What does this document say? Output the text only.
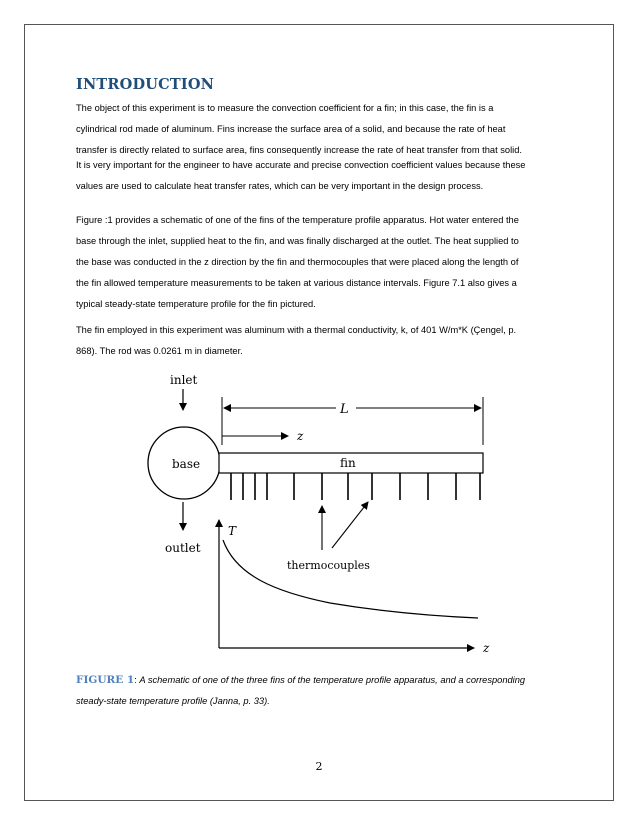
INTRODUCTION
The object of this experiment is to measure the convection coefficient for a fin; in this case, the fin is a
cylindrical rod made of aluminum. Fins increase the surface area of a solid, and because the rate of heat
transfer is directly related to surface area, fins consequently increase the rate of heat transfer from that solid.
It is very important for the engineer to have accurate and precise convection coefficient values because these
values are used to calculate heat transfer rates, which can be very important in the design process.
Figure :1 provides a schematic of one of the fins of the temperature profile apparatus. Hot water entered the
base through the inlet, supplied heat to the fin, and was finally discharged at the outlet. The heat supplied to
the base was conducted in the z direction by the fin and thermocouples that were placed along the length of
the fin allowed temperature measurements to be taken at various distance intervals. Figure 7.1 also gives a
typical steady-state temperature profile for the fin pictured.
The fin employed in this experiment was aluminum with a thermal conductivity, k, of 401 W/m*K (Çengel, p.
868). The rod was 0.0261 m in diameter.
inlet
base
outlet
L
z
fin
thermocouples
T
z

FIGURE 1: A schematic of one of the three fins of the temperature profile apparatus, and a corresponding
steady-state temperature profile (Janna, p. 33).

2
